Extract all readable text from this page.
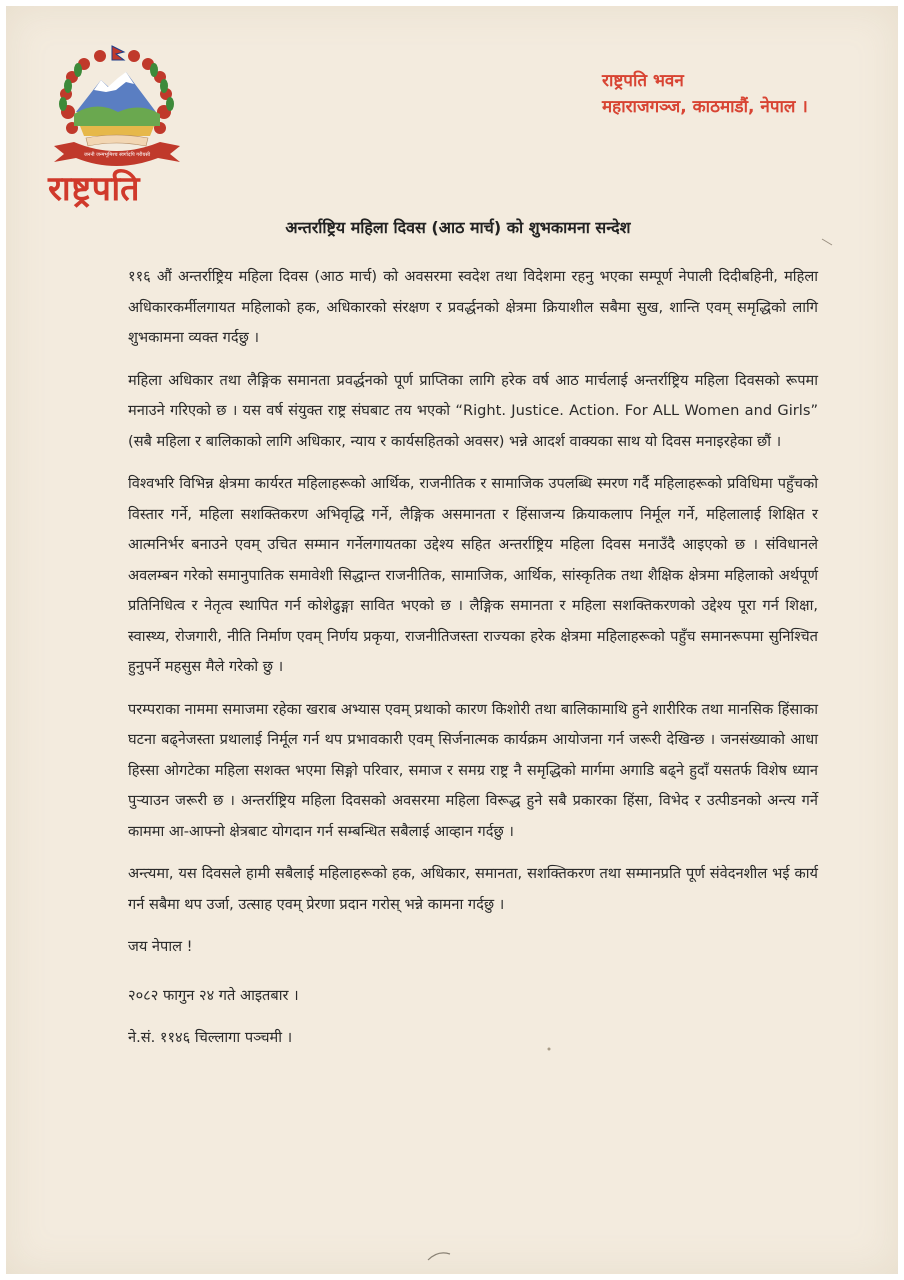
जननी जन्मभूमिश्च स्वर्गादपि गरीयसी
राष्ट्रपति
राष्ट्रपति भवन
महाराजगञ्ज, काठमाडौं, नेपाल ।
अन्तर्राष्ट्रिय महिला दिवस (आठ मार्च) को शुभकामना सन्देश

११६ औं अन्तर्राष्ट्रिय महिला दिवस (आठ मार्च) को अवसरमा स्वदेश तथा विदेशमा रहनु भएका सम्पूर्ण नेपाली दिदीबहिनी, महिला अधिकारकर्मीलगायत महिलाको हक, अधिकारको संरक्षण र प्रवर्द्धनको क्षेत्रमा क्रियाशील सबैमा सुख, शान्ति एवम् समृद्धिको लागि शुभकामना व्यक्त गर्दछु ।

महिला अधिकार तथा लैङ्गिक समानता प्रवर्द्धनको पूर्ण प्राप्तिका लागि हरेक वर्ष आठ मार्चलाई अन्तर्राष्ट्रिय महिला दिवसको रूपमा मनाउने गरिएको छ । यस वर्ष संयुक्त राष्ट्र संघबाट तय भएको “Right. Justice. Action. For ALL Women and Girls” (सबै महिला र बालिकाको लागि अधिकार, न्याय र कार्यसहितको अवसर) भन्ने आदर्श वाक्यका साथ यो दिवस मनाइरहेका छौं ।

विश्वभरि विभिन्न क्षेत्रमा कार्यरत महिलाहरूको आर्थिक, राजनीतिक र सामाजिक उपलब्धि स्मरण गर्दै महिलाहरूको प्रविधिमा पहुँचको विस्तार गर्ने, महिला सशक्तिकरण अभिवृद्धि गर्ने, लैङ्गिक असमानता र हिंसाजन्य क्रियाकलाप निर्मूल गर्ने, महिलालाई शिक्षित र आत्मनिर्भर बनाउने एवम् उचित सम्मान गर्नेलगायतका उद्देश्य सहित अन्तर्राष्ट्रिय महिला दिवस मनाउँदै आइएको छ । संविधानले अवलम्बन गरेको समानुपातिक समावेशी सिद्धान्त राजनीतिक, सामाजिक, आर्थिक, सांस्कृतिक तथा शैक्षिक क्षेत्रमा महिलाको अर्थपूर्ण प्रतिनिधित्व र नेतृत्व स्थापित गर्न कोशेढुङ्गा सावित भएको छ । लैङ्गिक समानता र महिला सशक्तिकरणको उद्देश्य पूरा गर्न शिक्षा, स्वास्थ्य, रोजगारी, नीति निर्माण एवम् निर्णय प्रकृया, राजनीतिजस्ता राज्यका हरेक क्षेत्रमा महिलाहरूको पहुँच समानरूपमा सुनिश्चित हुनुपर्ने महसुस मैले गरेको छु ।

परम्पराका नाममा समाजमा रहेका खराब अभ्यास एवम् प्रथाको कारण किशोरी तथा बालिकामाथि हुने शारीरिक तथा मानसिक हिंसाका घटना बढ्नेजस्ता प्रथालाई निर्मूल गर्न थप प्रभावकारी एवम् सिर्जनात्मक कार्यक्रम आयोजना गर्न जरूरी देखिन्छ । जनसंख्याको आधा हिस्सा ओगटेका महिला सशक्त भएमा सिङ्गो परिवार, समाज र समग्र राष्ट्र नै समृद्धिको मार्गमा अगाडि बढ्ने हुदाँ यसतर्फ विशेष ध्यान पुर्‍याउन जरूरी छ । अन्तर्राष्ट्रिय महिला दिवसको अवसरमा महिला विरूद्ध हुने सबै प्रकारका हिंसा, विभेद र उत्पीडनको अन्त्य गर्ने काममा आ-आफ्नो क्षेत्रबाट योगदान गर्न सम्बन्धित सबैलाई आव्हान गर्दछु ।

अन्त्यमा, यस दिवसले हामी सबैलाई महिलाहरूको हक, अधिकार, समानता, सशक्तिकरण तथा सम्मानप्रति पूर्ण संवेदनशील भई कार्य गर्न सबैमा थप उर्जा, उत्साह एवम् प्रेरणा प्रदान गरोस् भन्ने कामना गर्दछु ।

जय नेपाल !

२०८२ फागुन २४ गते आइतबार ।

ने.सं. ११४६ चिल्लागा पञ्चमी ।
